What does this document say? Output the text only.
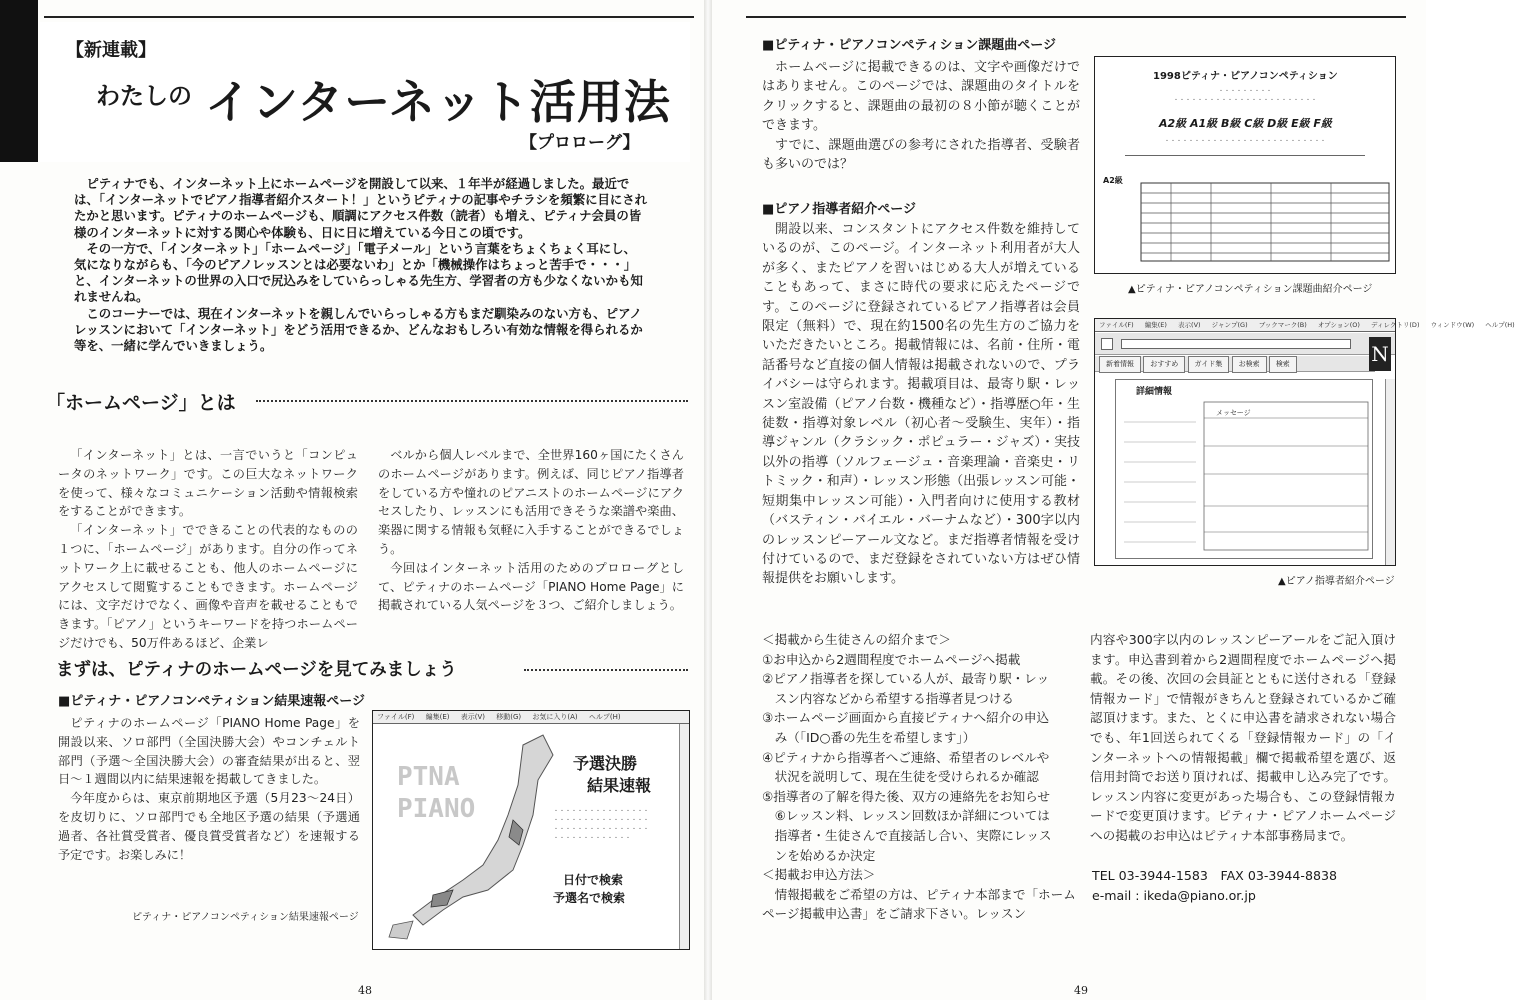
【新連載】
わたしの インターネット活用法
【プロローグ】

ピティナでも、インターネット上にホームページを開設して以来、１年半が経過しました。最近では、「インターネットでピアノ指導者紹介スタート！」というピティナの記事やチラシを頻繁に目にされたかと思います。ピティナのホームページも、順調にアクセス件数（読者）も増え、ピティナ会員の皆様のインターネットに対する関心や体験も、日に日に増えている今日この頃です。

その一方で、「インターネット」「ホームページ」「電子メール」という言葉をちょくちょく耳にし、気になりながらも、「今のピアノレッスンとは必要ないわ」とか「機械操作はちょっと苦手で・・・」と、インターネットの世界の入口で尻込みをしていらっしゃる先生方、学習者の方も少なくないかも知れませんね。

このコーナーでは、現在インターネットを親しんでいらっしゃる方もまだ馴染みのない方も、ピアノレッスンにおいて「インターネット」をどう活用できるか、どんなおもしろい有効な情報を得られるか等を、一緒に学んでいきましょう。

「ホームページ」とは

「インターネット」とは、一言でいうと「コンピュータのネットワーク」です。この巨大なネットワークを使って、様々なコミュニケーション活動や情報検索をすることができます。

「インターネット」でできることの代表的なものの１つに、「ホームページ」があります。自分の作ってネットワーク上に載せることも、他人のホームページにアクセスして閲覧することもできます。ホームページには、文字だけでなく、画像や音声を載せることもできます。「ピアノ」というキーワードを持つホームページだけでも、50万件あるほど、企業レ

ベルから個人レベルまで、全世界160ヶ国にたくさんのホームページがあります。例えば、同じピアノ指導者をしている方や憧れのピアニストのホームページにアクセスしたり、レッスンにも活用できそうな楽譜や楽曲、楽器に関する情報も気軽に入手することができるでしょう。

今回はインターネット活用のためのプロローグとして、ピティナのホームページ「PIANO Home Page」に掲載されている人気ページを３つ、ご紹介しましょう。

まずは、ピティナのホームページを見てみましょう
■ピティナ・ピアノコンペティション結果速報ページ

ピティナのホームページ「PIANO Home Page」を開設以来、ソロ部門（全国決勝大会）やコンチェルト部門（予選〜全国決勝大会）の審査結果が出ると、翌日〜１週間以内に結果速報を掲載してきました。

今年度からは、東京前期地区予選（5月23〜24日）を皮切りに、ソロ部門でも全地区予選の結果（予選通過者、各社賞受賞者、優良賞受賞者など）を速報する予定です。お楽しみに！

ピティナ・ピアノコンペティション結果速報ページ
ファイル(F) 編集(E) 表示(V) 移動(G) お気に入り(A) ヘルプ(H)
PTNA
PIANO
予選決勝
結果速報
・・・・・・・・・・・・・・・・
・・・・・・・・・・・・・・・・
・・・・・・・・・・・・・・・・
・・・・・・・・・・・・・
日付で検索
予選名で検索
48
■ピティナ・ピアノコンペティション課題曲ページ

ホームページに掲載できるのは、文字や画像だけではありません。このページでは、課題曲のタイトルをクリックすると、課題曲の最初の８小節が聴くことができます。

すでに、課題曲選びの参考にされた指導者、受験者も多いのでは？

1998ピティナ・ピアノコンペティション
・・・・・・・・・
・・・・・・・・・・・・・・・・・・・・・・・・
A2級 A1級 B級 C級 D級 E級 F級
・・・・・・・・・・・・・・・・・・・・・・・・・・・
A2級
▲ピティナ・ピアノコンペティション課題曲紹介ページ
■ピアノ指導者紹介ページ

開設以来、コンスタントにアクセス件数を維持しているのが、このページ。インターネット利用者が大人が多く、またピアノを習いはじめる大人が増えていることもあって、まさに時代の要求に応えたページです。このページに登録されているピアノ指導者は会員限定（無料）で、現在約1500名の先生方のご協力をいただきたいところ。掲載情報には、名前・住所・電話番号など直接の個人情報は掲載されないので、プライバシーは守られます。掲載項目は、最寄り駅・レッスン室設備（ピアノ台数・機種など）・指導歴○年・生徒数・指導対象レベル（初心者〜受験生、実年）・指導ジャンル（クラシック・ポピュラー・ジャズ）・実技以外の指導（ソルフェージュ・音楽理論・音楽史・リトミック・和声）・レッスン形態（出張レッスン可能・短期集中レッスン可能）・入門者向けに使用する教材（バスティン・バイエル・バーナムなど）・300字以内のレッスンピーアール文など。まだ指導者情報を受け付けているので、まだ登録をされていない方はぜひ情報提供をお願いします。

ファイル(F) 編集(E) 表示(V) ジャンプ(G) ブックマーク(B) オプション(O) ディレクトリ(D) ウィンドウ(W) ヘルプ(H)
新着情報 おすすめ ガイド集 お検索 検索	N
詳細情報
メッセージ
▲ピアノ指導者紹介ページ
＜掲載から生徒さんの紹介まで＞
①お申込から2週間程度でホームページへ掲載
②ピアノ指導者を探している人が、最寄り駅・レッ
　スン内容などから希望する指導者見つける
③ホームページ画面から直接ピティナへ紹介の申込
　み（「ID○番の先生を希望します」）
④ピティナから指導者へご連絡、希望者のレベルや
　状況を説明して、現在生徒を受けられるか確認
⑤指導者の了解を得た後、双方の連絡先をお知らせ
　⑥レッスン料、レッスン回数ほか詳細については
　指導者・生徒さんで直接話し合い、実際にレッス
　ンを始めるか決定
＜掲載お申込方法＞
情報掲載をご希望の方は、ピティナ本部まで「ホームページ掲載申込書」をご請求下さい。レッスン

内容や300字以内のレッスンピーアールをご記入頂けます。申込書到着から2週間程度でホームページへ掲載。その後、次回の会員証とともに送付される「登録情報カード」で情報がきちんと登録されているかご確認頂けます。また、とくに申込書を請求されない場合でも、年1回送られてくる「登録情報カード」の「インターネットへの情報掲載」欄で掲載希望を選び、返信用封筒でお送り頂ければ、掲載申し込み完了です。レッスン内容に変更があった場合も、この登録情報カードで変更頂けます。ピティナ・ピアノホームページへの掲載のお申込はピティナ本部事務局まで。

TEL 03-3944-1583　 FAX 03-3944-8838
e-mail : ikeda@piano.or.jp
49
